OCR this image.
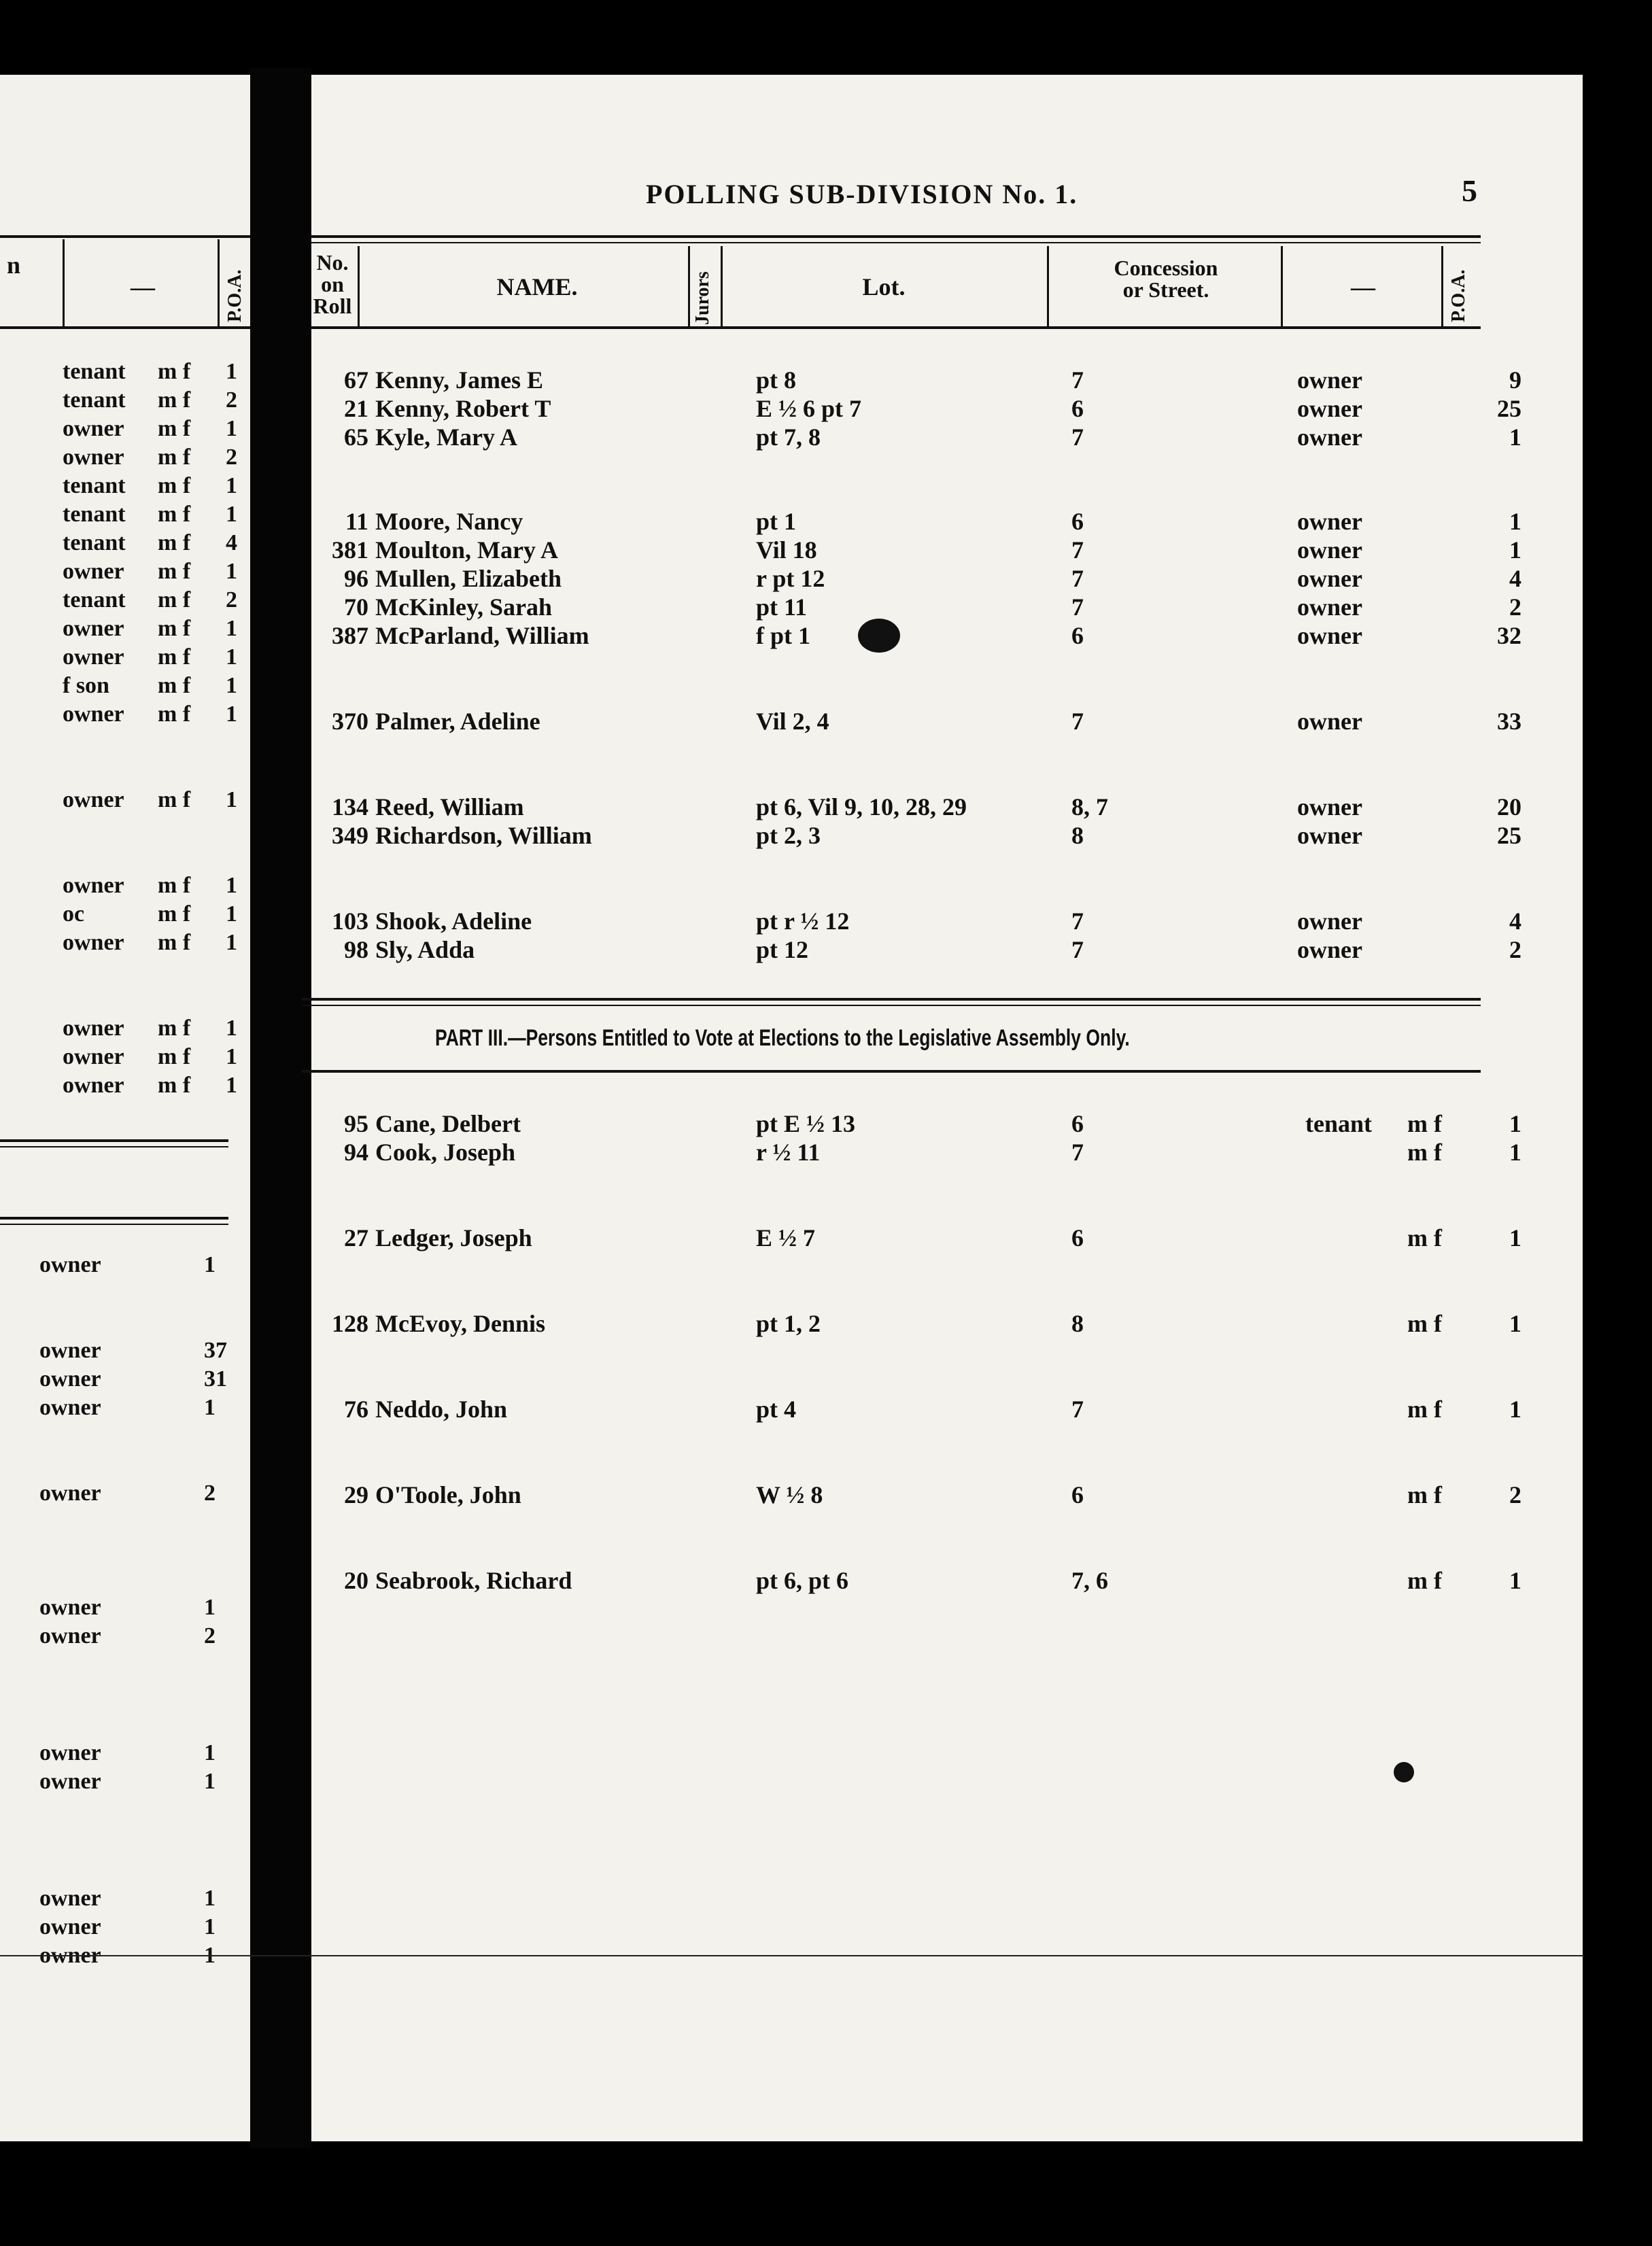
POLLING SUB-DIVISION No. 1.	5
No.
on
Roll
NAME.	Jurors	Lot.
Concession
or Street.	—	P.O.A.
n
—	P.O.A.
67 Kenny, James E	pt 8	7	owner	9
21 Kenny, Robert T	E ½ 6 pt 7	6	owner	25
65 Kyle, Mary A	pt 7, 8	7	owner	1
11 Moore, Nancy	pt 1	6	owner	1
381 Moulton, Mary A	Vil 18	7	owner	1
96 Mullen, Elizabeth	r pt 12	7	owner	4
70 McKinley, Sarah	pt 11	7	owner	2
387 McParland, William	f pt 1	6	owner	32
370 Palmer, Adeline	Vil 2, 4	7	owner	33
134 Reed, William	pt 6, Vil 9, 10, 28, 29	8, 7	owner	20
349 Richardson, William	pt 2, 3	8	owner	25
103 Shook, Adeline	pt r ½ 12	7	owner	4
98 Sly, Adda	pt 12	7	owner	2
PART III.—Persons Entitled to Vote at Elections to the Legislative Assembly Only.
95 Cane, Delbert	pt E ½ 13	6	tenant m f	1
94 Cook, Joseph	r ½ 11	7	m f	1
27 Ledger, Joseph	E ½ 7	6	m f	1
128 McEvoy, Dennis	pt 1, 2	8	m f	1
76 Neddo, John	pt 4	7	m f	1
29 O'Toole, John	W ½ 8	6	m f	2
20 Seabrook, Richard	pt 6, pt 6	7, 6	m f	1
tenant m f 1
tenant m f 2
owner m f 1
owner m f 2
tenant m f 1
tenant m f 1
tenant m f 4
owner m f 1
tenant m f 2
owner m f 1
owner m f 1
f son m f 1
owner m f 1
owner m f 1
owner m f 1
oc	m f 1
owner m f 1
owner m f 1
owner m f 1
owner m f 1
owner	1
owner	37
owner	31
owner	1
owner	2
owner	1
owner	2
owner	1
owner	1
owner	1
owner	1
owner	1
